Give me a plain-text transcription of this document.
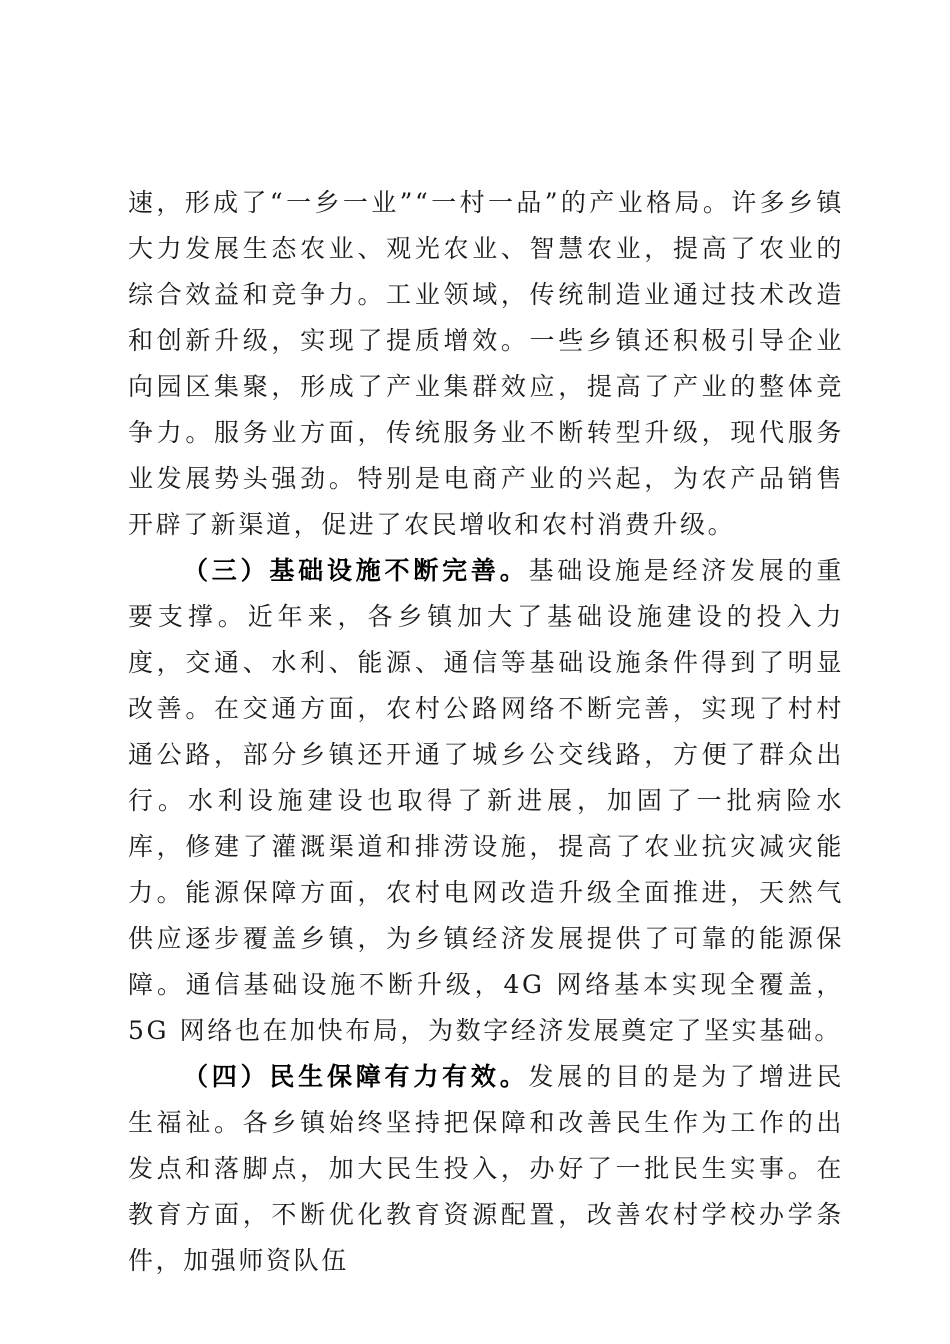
速，形成了“一乡一业”“一村一品”的产业格局。许多乡镇大力发展生态农业、观光农业、智慧农业，提高了农业的综合效益和竞争力。工业领域，传统制造业通过技术改造和创新升级，实现了提质增效。一些乡镇还积极引导企业向园区集聚，形成了产业集群效应，提高了产业的整体竞争力。服务业方面，传统服务业不断转型升级，现代服务业发展势头强劲。特别是电商产业的兴起，为农产品销售开辟了新渠道，促进了农民增收和农村消费升级。

（三）基础设施不断完善。基础设施是经济发展的重要支撑。近年来，各乡镇加大了基础设施建设的投入力度，交通、水利、能源、通信等基础设施条件得到了明显改善。在交通方面，农村公路网络不断完善，实现了村村通公路，部分乡镇还开通了城乡公交线路，方便了群众出行。水利设施建设也取得了新进展，加固了一批病险水库，修建了灌溉渠道和排涝设施，提高了农业抗灾减灾能力。能源保障方面，农村电网改造升级全面推进，天然气供应逐步覆盖乡镇，为乡镇经济发展提供了可靠的能源保障。通信基础设施不断升级，4G 网络基本实现全覆盖，5G 网络也在加快布局，为数字经济发展奠定了坚实基础。

（四）民生保障有力有效。发展的目的是为了增进民生福祉。各乡镇始终坚持把保障和改善民生作为工作的出发点和落脚点，加大民生投入，办好了一批民生实事。在教育方面，不断优化教育资源配置，改善农村学校办学条件，加强师资队伍
